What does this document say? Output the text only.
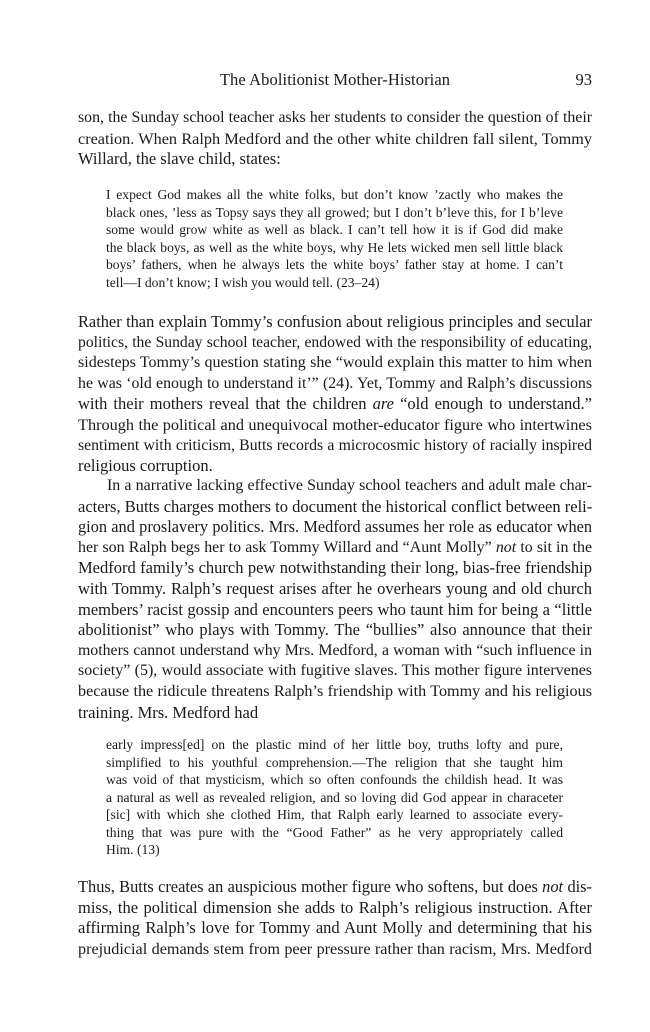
The Abolitionist Mother-Historian	93
son, the Sunday school teacher asks her students to consider the question of their
creation. When Ralph Medford and the other white children fall silent, Tommy
Willard, the slave child, states:
I expect God makes all the white folks, but don’t know ’zactly who makes the
black ones, ’less as Topsy says they all growed; but I don’t b’leve this, for I b’leve
some would grow white as well as black. I can’t tell how it is if God did make
the black boys, as well as the white boys, why He lets wicked men sell little black
boys’ fathers, when he always lets the white boys’ father stay at home. I can’t
tell—I don’t know; I wish you would tell. (23–24)
Rather than explain Tommy’s confusion about religious principles and secular
politics, the Sunday school teacher, endowed with the responsibility of educating,
sidesteps Tommy’s question stating she “would explain this matter to him when
he was ‘old enough to understand it’” (24). Yet, Tommy and Ralph’s discussions
with their mothers reveal that the children are “old enough to understand.”
Through the political and unequivocal mother-educator figure who intertwines
sentiment with criticism, Butts records a microcosmic history of racially inspired
religious corruption.
In a narrative lacking effective Sunday school teachers and adult male char-
acters, Butts charges mothers to document the historical conflict between reli-
gion and proslavery politics. Mrs. Medford assumes her role as educator when
her son Ralph begs her to ask Tommy Willard and “Aunt Molly” not to sit in the
Medford family’s church pew notwithstanding their long, bias-free friendship
with Tommy. Ralph’s request arises after he overhears young and old church
members’ racist gossip and encounters peers who taunt him for being a “little
abolitionist” who plays with Tommy. The “bullies” also announce that their
mothers cannot understand why Mrs. Medford, a woman with “such influence in
society” (5), would associate with fugitive slaves. This mother figure intervenes
because the ridicule threatens Ralph’s friendship with Tommy and his religious
training. Mrs. Medford had
early impress[ed] on the plastic mind of her little boy, truths lofty and pure,
simplified to his youthful comprehension.—The religion that she taught him
was void of that mysticism, which so often confounds the childish head. It was
a natural as well as revealed religion, and so loving did God appear in characeter
[sic] with which she clothed Him, that Ralph early learned to associate every-
thing that was pure with the “Good Father” as he very appropriately called
Him. (13)
Thus, Butts creates an auspicious mother figure who softens, but does not dis-
miss, the political dimension she adds to Ralph’s religious instruction. After
affirming Ralph’s love for Tommy and Aunt Molly and determining that his
prejudicial demands stem from peer pressure rather than racism, Mrs. Medford
